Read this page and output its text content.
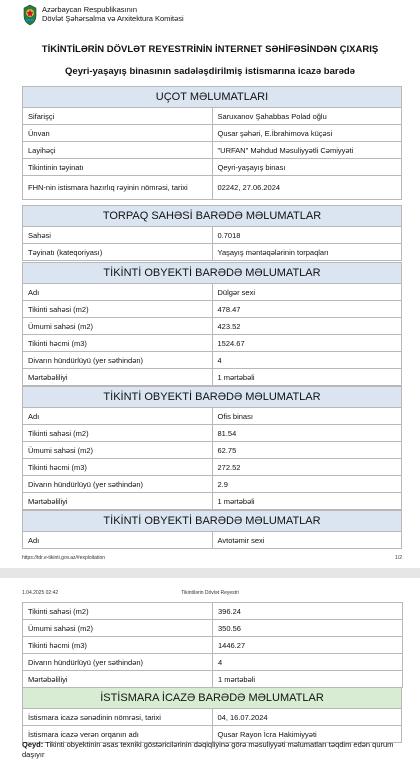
Azərbaycan Respublikasının
Dövlət Şəhərsalma və Arxitektura Komitəsi
TİKİNTİLƏRİN DÖVLƏT REYESTRİNİN İNTERNET SƏHİFƏSİNDƏN ÇIXARIŞ
Qeyri-yaşayış binasının sadələşdirilmiş istismarına icazə barədə
UÇOT MƏLUMATLARI	
Sifarişçi	Saruxanov Şahabbas Polad oğlu
Ünvan	Qusar şəhəri, E.İbrahimova küçəsi
Layihəçi	"URFAN" Məhdud Məsuliyyətli Cəmiyyəti
Tikintinin təyinatı	Qeyri-yaşayış binası
FHN-nin istismara hazırlıq rəyinin nömrəsi, tarixi	02242, 27.06.2024
TORPAQ SAHƏSİ BARƏDƏ MƏLUMATLAR	
Sahəsi	0.7018
Təyinatı (kateqoriyası)	Yaşayış məntəqələrinin torpaqları
TİKİNTİ OBYEKTİ BARƏDƏ MƏLUMATLAR	
Adı	Dülgər sexi
Tikinti sahəsi (m2)	478.47
Ümumi sahəsi (m2)	423.52
Tikinti həcmi (m3)	1524.67
Divarın hündürlüyü (yer səthindən)	4
Mərtəbəliliyi	1 mərtəbəli
TİKİNTİ OBYEKTİ BARƏDƏ MƏLUMATLAR	
Adı	Ofis binası
Tikinti sahəsi (m2)	81.54
Ümumi sahəsi (m2)	62.75
Tikinti həcmi (m3)	272.52
Divarın hündürlüyü (yer səthindən)	2.9
Mərtəbəliliyi	1 mərtəbəli
TİKİNTİ OBYEKTİ BARƏDƏ MƏLUMATLAR
Adı	Avtotəmir sexi
https://tdr.e-tikinti.gov.az/#exploitation	1/2
1.04.2025 02:42	Tikintilərin Dövlət Reyestri
Tikinti sahəsi (m2)	396.24
Ümumi sahəsi (m2)	350.56
Tikinti həcmi (m3)	1446.27
Divarın hündürlüyü (yer səthindən)	4
Mərtəbəliliyi	1 mərtəbəli
İSTİSMARA İCAZƏ BARƏDƏ MƏLUMATLAR	
İstismara icazə sənədinin nömrəsi, tarixi	04, 16.07.2024
İstismara icazə verən orqanın adı	Qusar Rayon İcra Hakimiyyəti
Qeyd: Tikinti obyektinin əsas texniki göstəricilərinin dəqiqliyinə görə məsuliyyəti məlumatları təqdim edən qurum daşıyır
